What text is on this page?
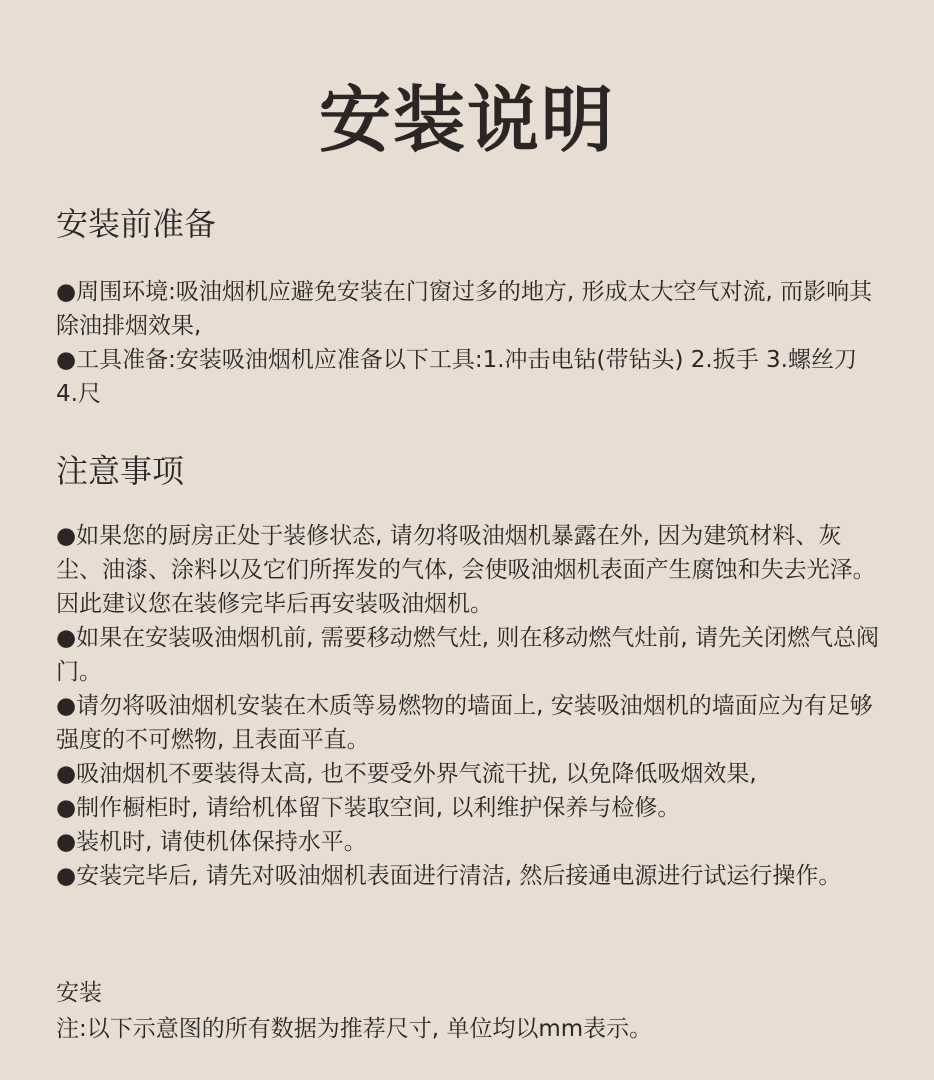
安装说明
安装前准备
●周围环境:吸油烟机应避免安装在门窗过多的地方, 形成太大空气对流, 而影响其除油排烟效果,
●工具准备:安装吸油烟机应准备以下工具:1.冲击电钻(带钻头) 2.扳手 3.螺丝刀 4.尺
注意事项
●如果您的厨房正处于装修状态, 请勿将吸油烟机暴露在外, 因为建筑材料、灰尘、油漆、涂料以及它们所挥发的气体, 会使吸油烟机表面产生腐蚀和失去光泽。因此建议您在装修完毕后再安装吸油烟机。
●如果在安装吸油烟机前, 需要移动燃气灶, 则在移动燃气灶前, 请先关闭燃气总阀门。
●请勿将吸油烟机安装在木质等易燃物的墙面上, 安装吸油烟机的墙面应为有足够强度的不可燃物, 且表面平直。
●吸油烟机不要装得太高, 也不要受外界气流干扰, 以免降低吸烟效果,
●制作橱柜时, 请给机体留下装取空间, 以利维护保养与检修。
●装机时, 请使机体保持水平。
●安装完毕后, 请先对吸油烟机表面进行清洁, 然后接通电源进行试运行操作。
安装
注:以下示意图的所有数据为推荐尺寸, 单位均以mm表示。
